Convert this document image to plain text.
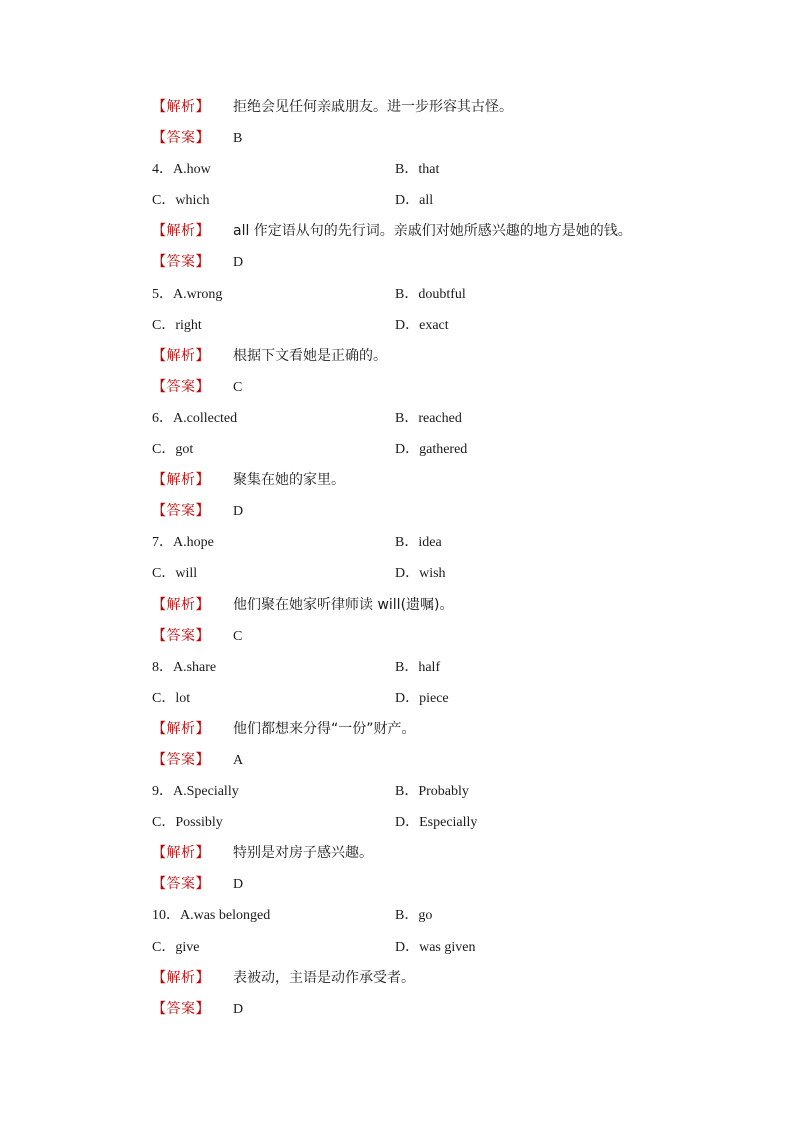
【解析】 拒绝会见任何亲戚朋友。进一步形容其古怪。
【答案】 B
4．A.how	B．that
C．which	D．all
【解析】 all 作定语从句的先行词。亲戚们对她所感兴趣的地方是她的钱。
【答案】 D
5．A.wrong	B．doubtful
C．right	D．exact
【解析】 根据下文看她是正确的。
【答案】 C
6．A.collected	B．reached
C．got	D．gathered
【解析】 聚集在她的家里。
【答案】 D
7．A.hope	B．idea
C．will	D．wish
【解析】 他们聚在她家听律师读 will(遗嘱)。
【答案】 C
8．A.share	B．half
C．lot	D．piece
【解析】 他们都想来分得“一份”财产。
【答案】 A
9．A.Specially	B．Probably
C．Possibly	D．Especially
【解析】 特别是对房子感兴趣。
【答案】 D
10．A.was belonged	B．go
C．give	D．was given
【解析】 表被动，主语是动作承受者。
【答案】 D
